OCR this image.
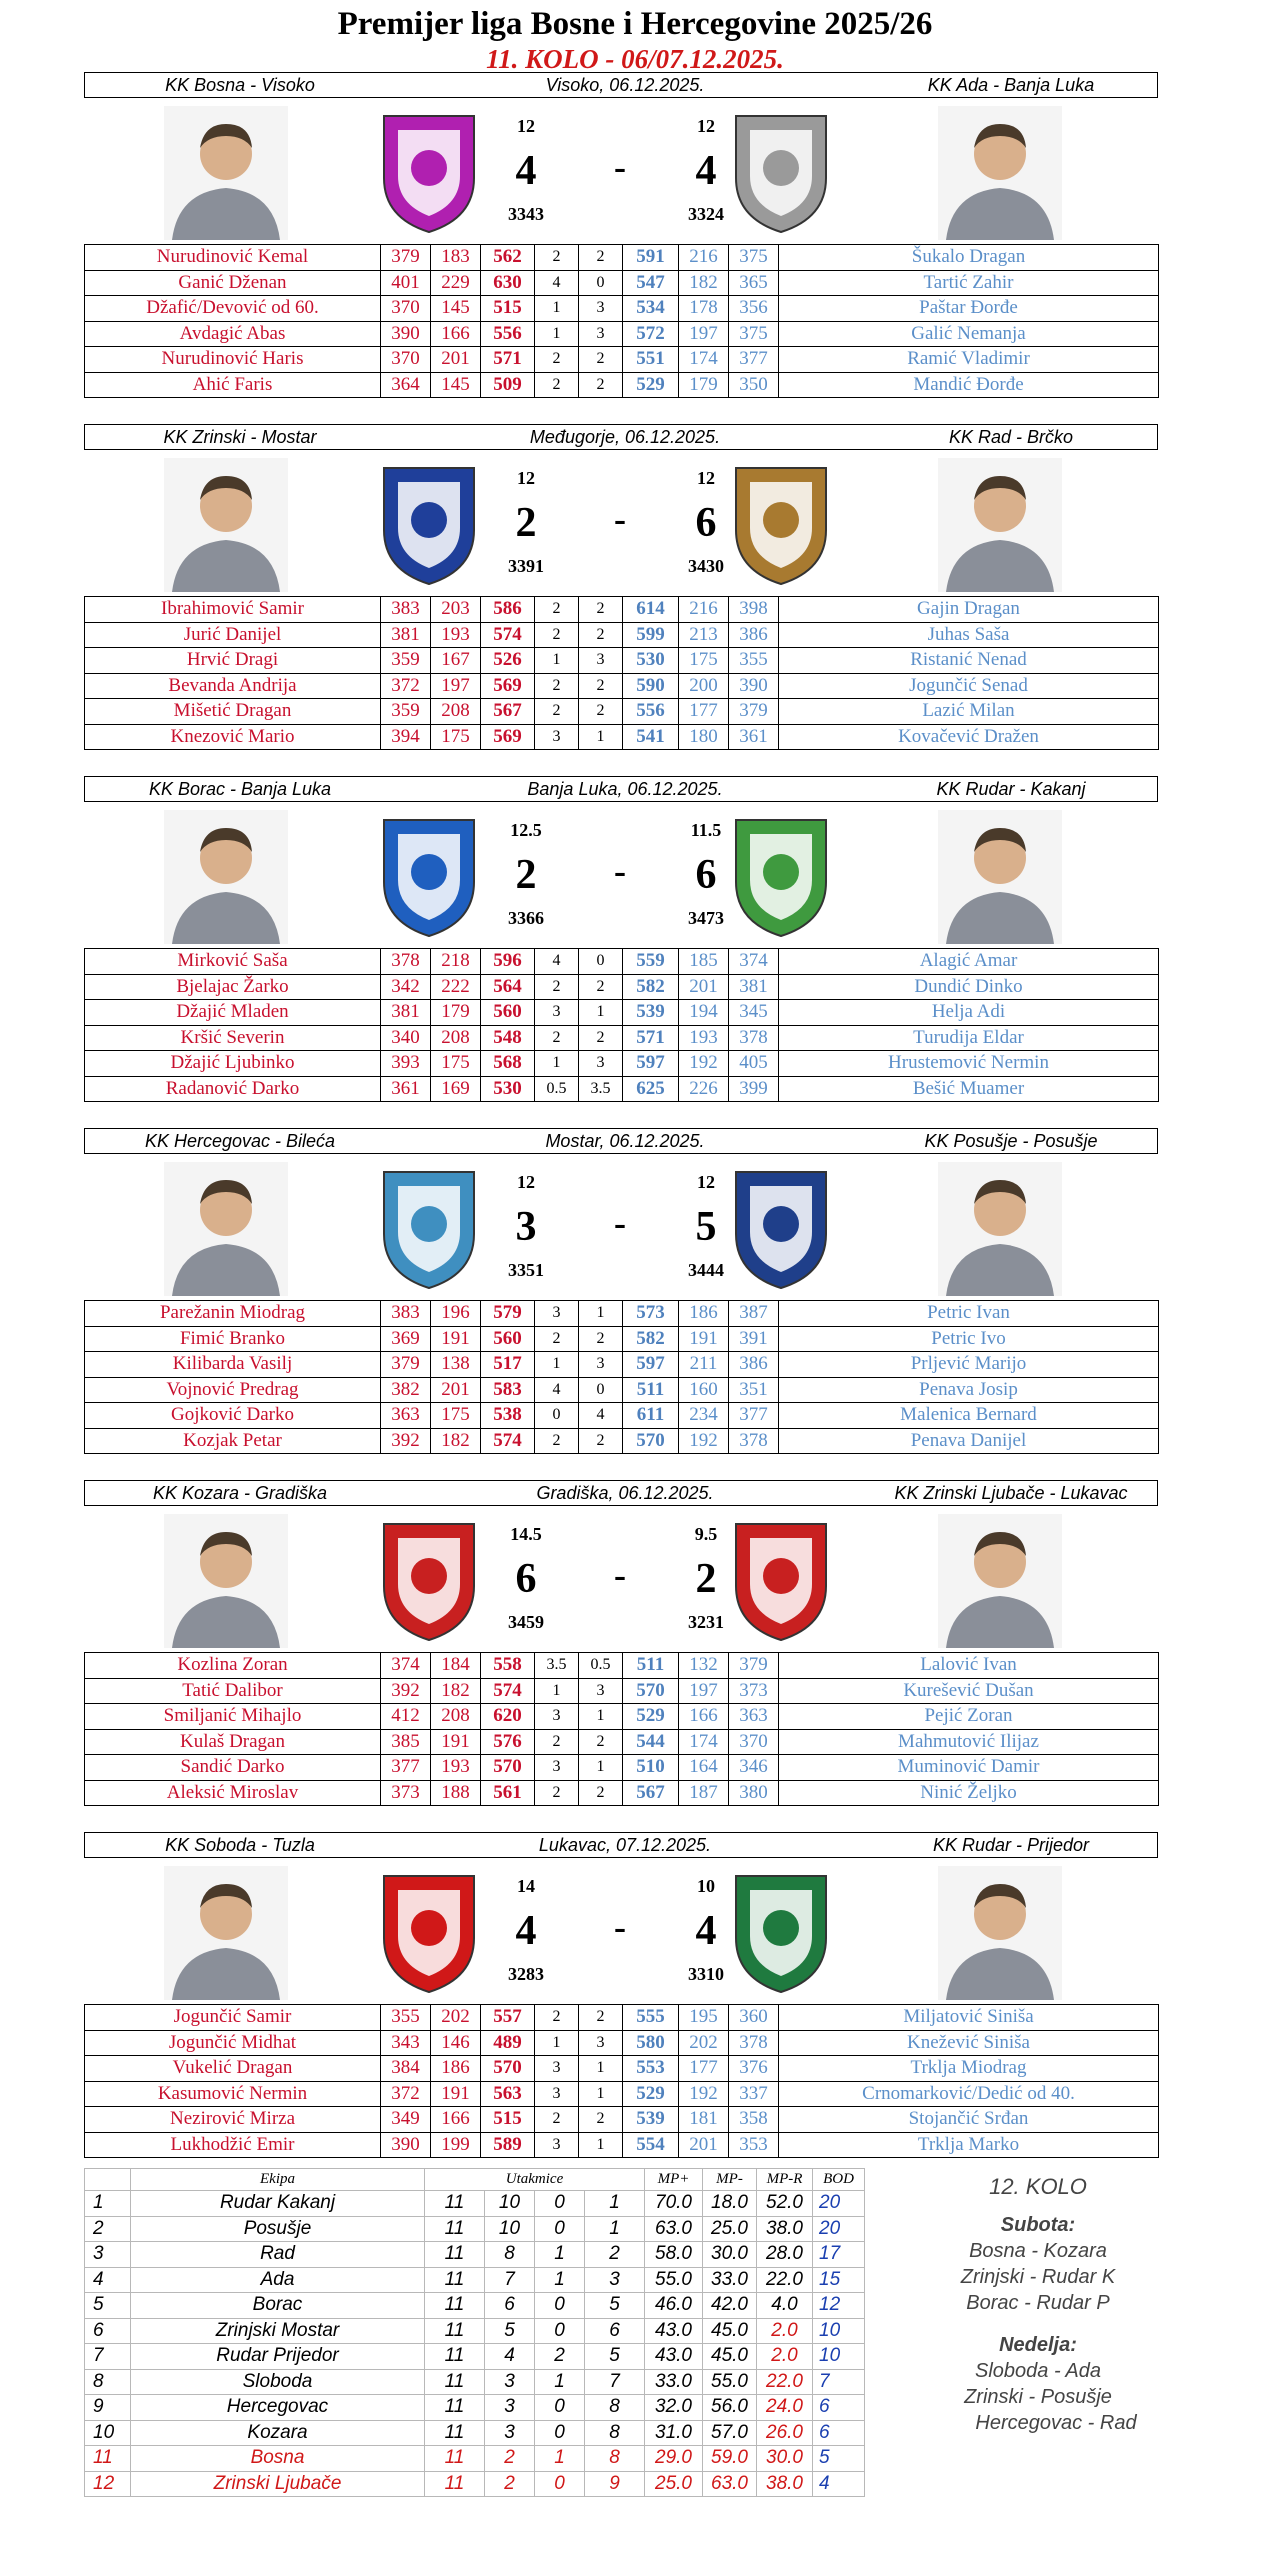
Premijer liga Bosne i Hercegovine 2025/26
11. KOLO - 06/07.12.2025.
KK Bosna - Visoko	Visoko, 06.12.2025.	KK Ada - Banja Luka
12	12
4	4
3343	3324
-
Nurudinović Kemal	379	183	562	2	2	591	216	375	Šukalo Dragan
Ganić Dženan	401	229	630	4	0	547	182	365	Tartić Zahir
Džafić/Devović od 60.	370	145	515	1	3	534	178	356	Paštar Đorđe
Avdagić Abas	390	166	556	1	3	572	197	375	Galić Nemanja
Nurudinović Haris	370	201	571	2	2	551	174	377	Ramić Vladimir
Ahić Faris	364	145	509	2	2	529	179	350	Mandić Đorđe
KK Zrinski - Mostar	Međugorje, 06.12.2025.	KK Rad - Brčko
12	12
2	6
3391	3430
-
Ibrahimović Samir	383	203	586	2	2	614	216	398	Gajin Dragan
Jurić Danijel	381	193	574	2	2	599	213	386	Juhas Saša
Hrvić Dragi	359	167	526	1	3	530	175	355	Ristanić Nenad
Bevanda Andrija	372	197	569	2	2	590	200	390	Jogunčić Senad
Mišetić Dragan	359	208	567	2	2	556	177	379	Lazić Milan
Knezović Mario	394	175	569	3	1	541	180	361	Kovačević Dražen
KK Borac - Banja Luka	Banja Luka, 06.12.2025.	KK Rudar - Kakanj
12.5	11.5
2	6
3366	3473
-
Mirković Saša	378	218	596	4	0	559	185	374	Alagić Amar
Bjelajac Žarko	342	222	564	2	2	582	201	381	Dundić Dinko
Džajić Mladen	381	179	560	3	1	539	194	345	Helja Adi
Kršić Severin	340	208	548	2	2	571	193	378	Turudija Eldar
Džajić Ljubinko	393	175	568	1	3	597	192	405	Hrustemović Nermin
Radanović Darko	361	169	530	0.5	3.5	625	226	399	Bešić Muamer
KK Hercegovac - Bileća	Mostar, 06.12.2025.	KK Posušje - Posušje
12	12
3	5
3351	3444
-
Parežanin Miodrag	383	196	579	3	1	573	186	387	Petric Ivan
Fimić Branko	369	191	560	2	2	582	191	391	Petric Ivo
Kilibarda Vasilj	379	138	517	1	3	597	211	386	Prljević Marijo
Vojnović Predrag	382	201	583	4	0	511	160	351	Penava Josip
Gojković Darko	363	175	538	0	4	611	234	377	Malenica Bernard
Kozjak Petar	392	182	574	2	2	570	192	378	Penava Danijel
KK Kozara - Gradiška	Gradiška, 06.12.2025.	KK Zrinski Ljubače - Lukavac
14.5	9.5
6	2
3459	3231
-
Kozlina Zoran	374	184	558	3.5	0.5	511	132	379	Lalović Ivan
Tatić Dalibor	392	182	574	1	3	570	197	373	Kurešević Dušan
Smiljanić Mihajlo	412	208	620	3	1	529	166	363	Pejić Zoran
Kulaš Dragan	385	191	576	2	2	544	174	370	Mahmutović Ilijaz
Sandić Darko	377	193	570	3	1	510	164	346	Muminović Damir
Aleksić Miroslav	373	188	561	2	2	567	187	380	Ninić Željko
KK Soboda - Tuzla	Lukavac, 07.12.2025.	KK Rudar - Prijedor
14	10
4	4
3283	3310
-
Jogunčić Samir	355	202	557	2	2	555	195	360	Miljatović Siniša
Jogunčić Midhat	343	146	489	1	3	580	202	378	Knežević Siniša
Vukelić Dragan	384	186	570	3	1	553	177	376	Trklja Miodrag
Kasumović Nermin	372	191	563	3	1	529	192	337	Crnomarković/Dedić od 40.
Nezirović Mirza	349	166	515	2	2	539	181	358	Stojančić Srđan
Lukhodžić Emir	390	199	589	3	1	554	201	353	Trklja Marko
	Ekipa	Utakmice				MP+	MP-	MP-R	BOD
1	Rudar Kakanj	11	10	0	1	70.0	18.0	52.0	20
2	Posušje	11	10	0	1	63.0	25.0	38.0	20
3	Rad	11	8	1	2	58.0	30.0	28.0	17
4	Ada	11	7	1	3	55.0	33.0	22.0	15
5	Borac	11	6	0	5	46.0	42.0	4.0	12
6	Zrinjski Mostar	11	5	0	6	43.0	45.0	2.0	10
7	Rudar Prijedor	11	4	2	5	43.0	45.0	2.0	10
8	Sloboda	11	3	1	7	33.0	55.0	22.0	7
9	Hercegovac	11	3	0	8	32.0	56.0	24.0	6
10	Kozara	11	3	0	8	31.0	57.0	26.0	6
11	Bosna	11	2	1	8	29.0	59.0	30.0	5
12	Zrinski Ljubače	11	2	0	9	25.0	63.0	38.0	4
12. KOLO
Subota:
Bosna - Kozara
Zrinjski - Rudar K
Borac - Rudar P
Nedelja:
Sloboda - Ada
Zrinski - Posušje
Hercegovac - Rad
